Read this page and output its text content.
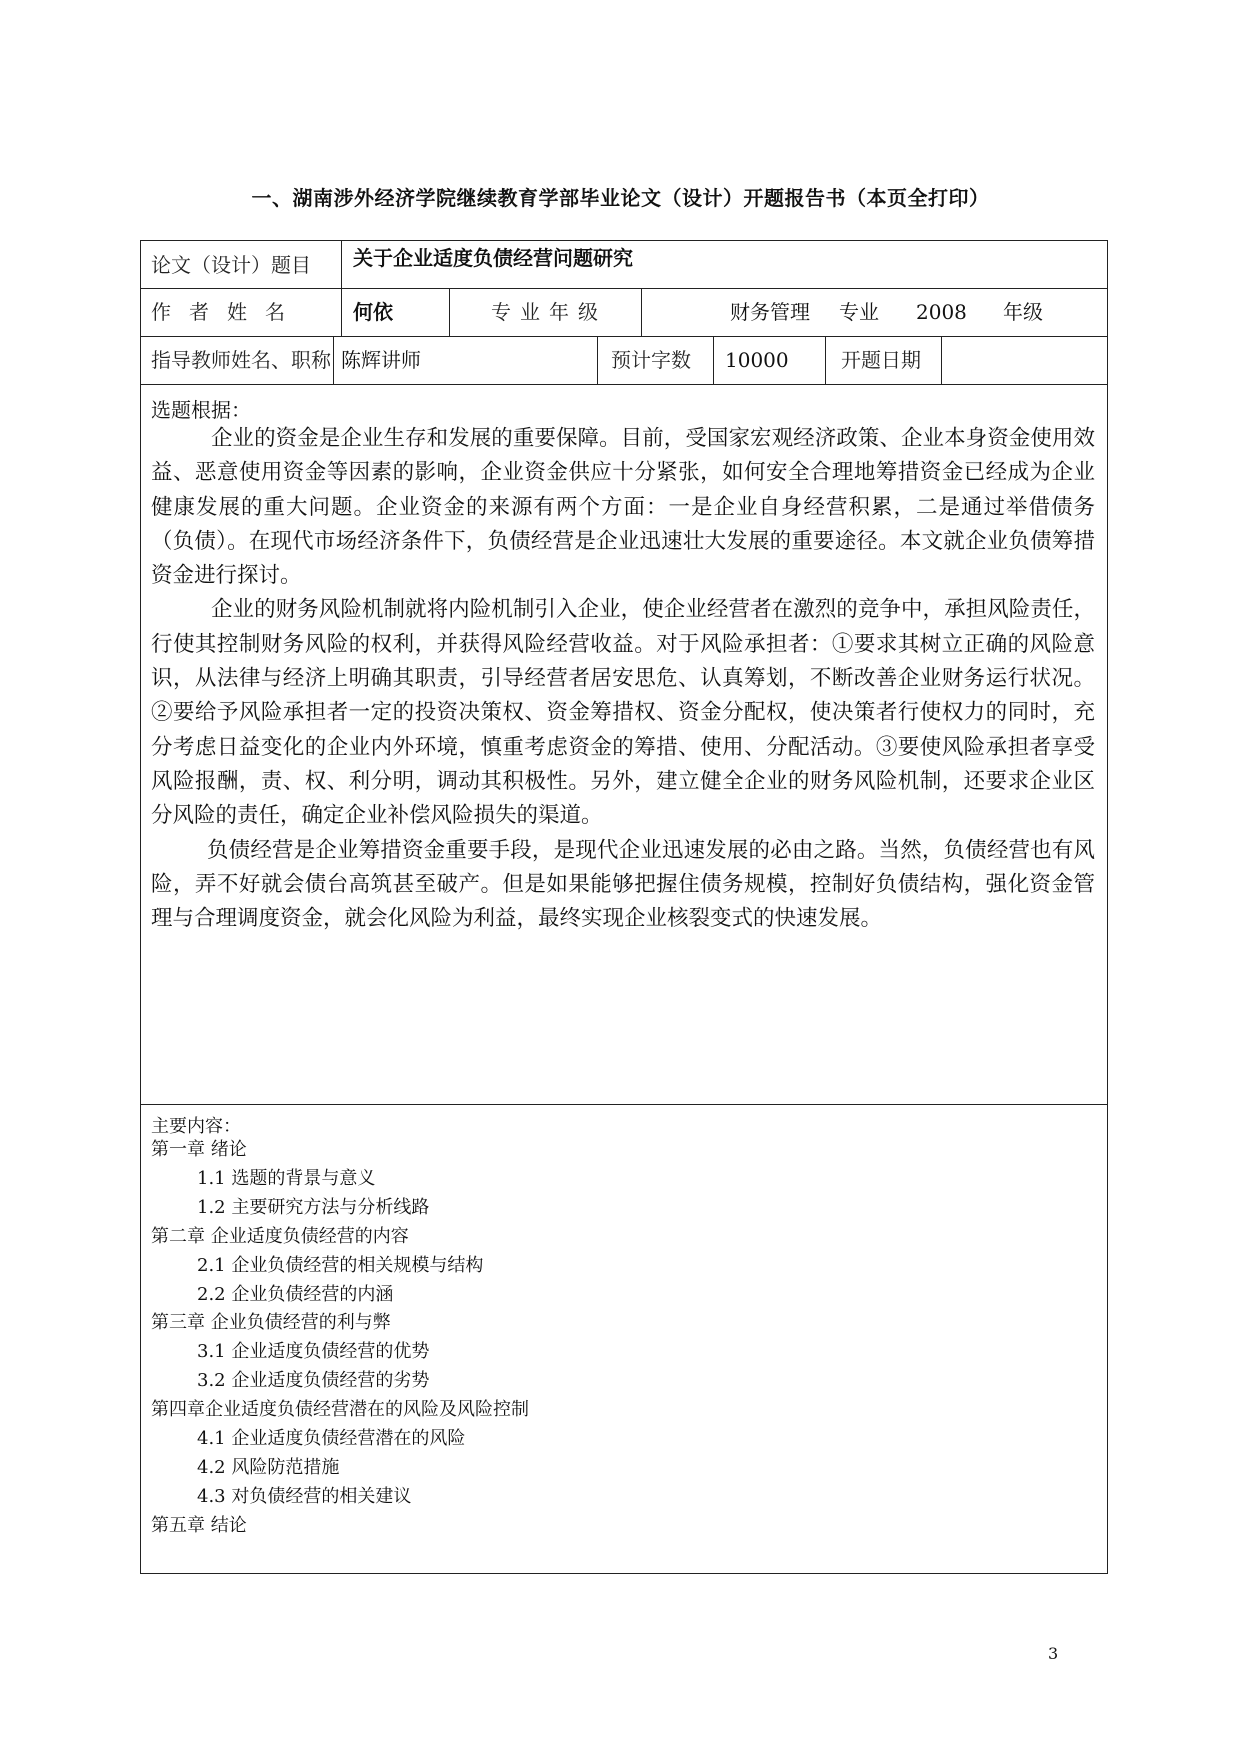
一、湖南涉外经济学院继续教育学部毕业论文（设计）开题报告书（本页全打印）
论文（设计）题目 关于企业适度负债经营问题研究
作者姓名	何依	专业年级	财务管理 专业 2008 年级
指导教师姓名、职称 陈辉讲师	预计字数 10000	开题日期
选题根据：

企业的资金是企业生存和发展的重要保障。目前，受国家宏观经济政策、企业本身资金使用效益、恶意使用资金等因素的影响，企业资金供应十分紧张，如何安全合理地筹措资金已经成为企业健康发展的重大问题。企业资金的来源有两个方面：一是企业自身经营积累，二是通过举借债务（负债）。在现代市场经济条件下，负债经营是企业迅速壮大发展的重要途径。本文就企业负债筹措资金进行探讨。

企业的财务风险机制就将内险机制引入企业，使企业经营者在激烈的竞争中，承担风险责任，行使其控制财务风险的权利，并获得风险经营收益。对于风险承担者：①要求其树立正确的风险意识，从法律与经济上明确其职责，引导经营者居安思危、认真筹划，不断改善企业财务运行状况。②要给予风险承担者一定的投资决策权、资金筹措权、资金分配权，使决策者行使权力的同时，充分考虑日益变化的企业内外环境，慎重考虑资金的筹措、使用、分配活动。③要使风险承担者享受风险报酬，责、权、利分明，调动其积极性。另外，建立健全企业的财务风险机制，还要求企业区分风险的责任，确定企业补偿风险损失的渠道。

负债经营是企业筹措资金重要手段，是现代企业迅速发展的必由之路。当然，负债经营也有风险，弄不好就会债台高筑甚至破产。但是如果能够把握住债务规模，控制好负债结构，强化资金管理与合理调度资金，就会化风险为利益，最终实现企业核裂变式的快速发展。

主要内容：
第一章 绪论
1.1 选题的背景与意义
1.2 主要研究方法与分析线路
第二章 企业适度负债经营的内容
2.1 企业负债经营的相关规模与结构
2.2 企业负债经营的内涵
第三章 企业负债经营的利与弊
3.1 企业适度负债经营的优势
3.2 企业适度负债经营的劣势
第四章企业适度负债经营潜在的风险及风险控制
4.1 企业适度负债经营潜在的风险
4.2 风险防范措施
4.3 对负债经营的相关建议
第五章 结论
3
